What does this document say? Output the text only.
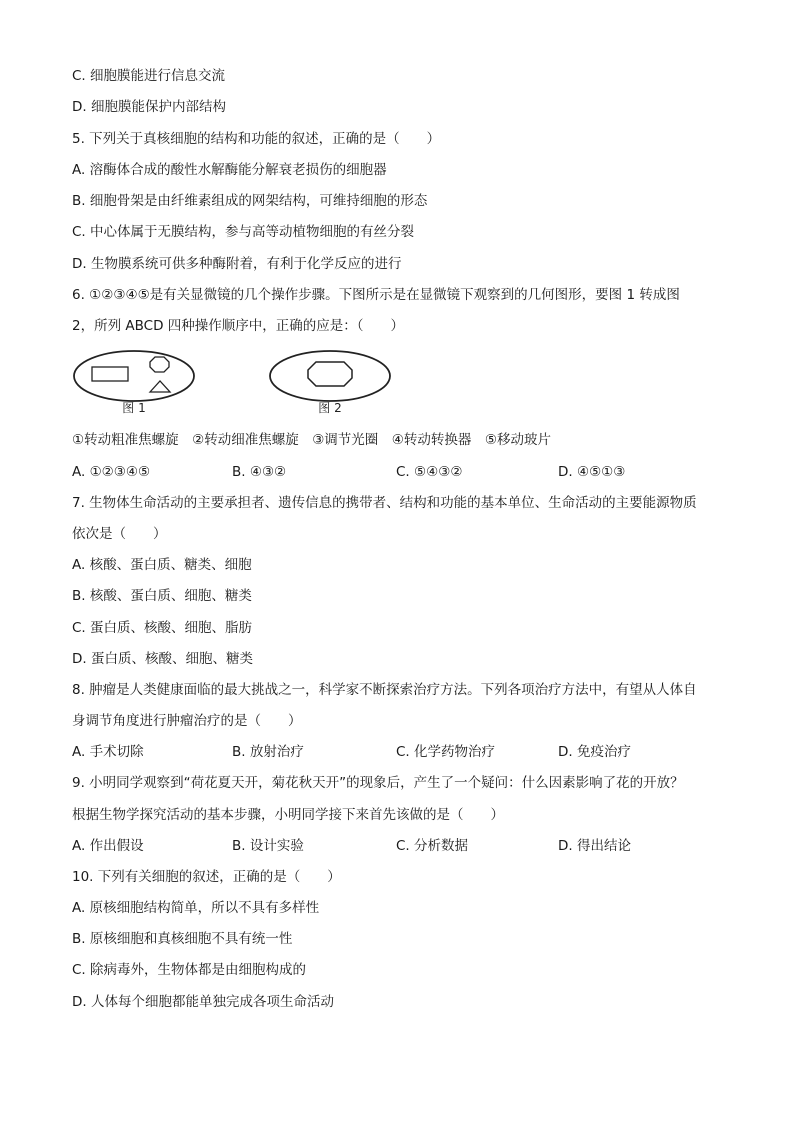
C. 细胞膜能进行信息交流
D. 细胞膜能保护内部结构
5. 下列关于真核细胞的结构和功能的叙述，正确的是（　　）
A. 溶酶体合成的酸性水解酶能分解衰老损伤的细胞器
B. 细胞骨架是由纤维素组成的网架结构，可维持细胞的形态
C. 中心体属于无膜结构，参与高等动植物细胞的有丝分裂
D. 生物膜系统可供多种酶附着，有利于化学反应的进行
6. ①②③④⑤是有关显微镜的几个操作步骤。下图所示是在显微镜下观察到的几何图形，要图 1 转成图
2，所列 ABCD 四种操作顺序中，正确的应是：（　　）
图 1	图 2
①转动粗准焦螺旋　②转动细准焦螺旋　③调节光圈　④转动转换器　⑤移动玻片
A. ①②③④⑤	B. ④③②	C. ⑤④③②	D. ④⑤①③
7. 生物体生命活动的主要承担者、遗传信息的携带者、结构和功能的基本单位、生命活动的主要能源物质
依次是（　　）
A. 核酸、蛋白质、糖类、细胞
B. 核酸、蛋白质、细胞、糖类
C. 蛋白质、核酸、细胞、脂肪
D. 蛋白质、核酸、细胞、糖类
8. 肿瘤是人类健康面临的最大挑战之一，科学家不断探索治疗方法。下列各项治疗方法中，有望从人体自
身调节角度进行肿瘤治疗的是（　　）
A. 手术切除	B. 放射治疗	C. 化学药物治疗	D. 免疫治疗
9. 小明同学观察到“荷花夏天开，菊花秋天开”的现象后，产生了一个疑问：什么因素影响了花的开放？
根据生物学探究活动的基本步骤，小明同学接下来首先该做的是（　　）
A. 作出假设	B. 设计实验	C. 分析数据	D. 得出结论
10. 下列有关细胞的叙述，正确的是（　　）
A. 原核细胞结构简单，所以不具有多样性
B. 原核细胞和真核细胞不具有统一性
C. 除病毒外，生物体都是由细胞构成的
D. 人体每个细胞都能单独完成各项生命活动
